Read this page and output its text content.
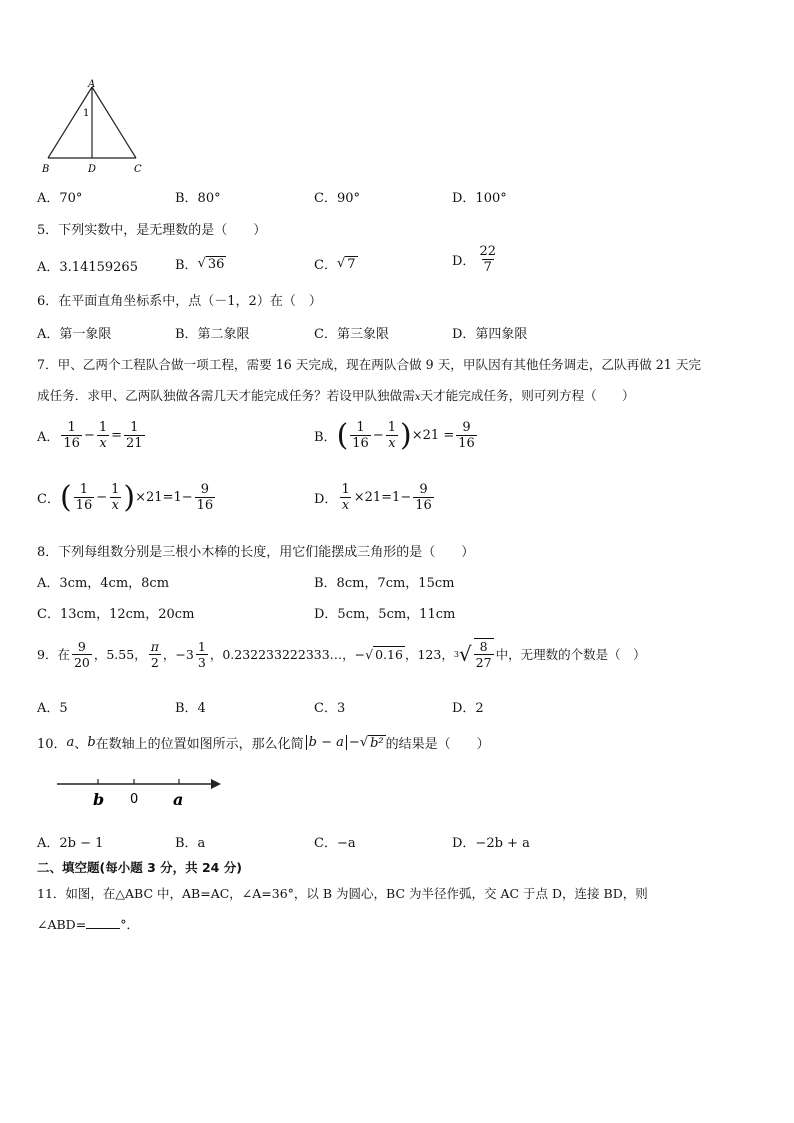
A
1
B	D	C
A．70°	B．80°	C．90°	D．100°
5．下列实数中，是无理数的是（　　）
A．3.14159265	B． √ 36	C． √ 7	D． $\frac{22}{7}$
6．在平面直角坐标系中，点（－1，2）在（　）
A．第一象限	B．第二象限	C．第三象限	D．第四象限
7．甲、乙两个工程队合做一项工程，需要 16 天完成，现在两队合做 9 天，甲队因有其他任务调走，乙队再做 21 天完
成任务．求甲、乙两队独做各需几天才能完成任务？若设甲队独做需x天才能完成任务，则可列方程（　　）
A． $\frac{1}{16} - \frac{1}{x} = \frac{1}{21}$	B． ( $\frac{1}{16} - \frac{1}{x}$ ) ×21
= $\frac{9}{16}$
C． ( $\frac{1}{16} - \frac{1}{x}$ ) $\times 21 =1- \frac{9}{16}$	D． $\frac{1}{x} \times 21 =1- \frac{9}{16}$
8．下列每组数分别是三根小木棒的长度，用它们能摆成三角形的是（　　）
A．3cm，4cm，8cm	B．8cm，7cm，15cm
C．13cm，12cm，20cm	D．5cm，5cm，11cm
9．在 $\frac{9}{20}$ ，5.55， $\frac{\pi}{2}$ ，$-3 \frac{1}{3}$ ，0.232233222333…，− √ 0.16 ，123， 3 √ $\frac{8}{27}$ 中，无理数的个数是（　）
A．5	B．4	C．3	D．2
10． a 、 b 在数轴上的位置如图所示，那么化简 b − a − √ b² 的结果是（　　）
b 0 a
A．2b − 1	B．a	C．−a	D．−2b + a
二、填空题(每小题 3 分，共 24 分)
11．如图，在△ABC 中，AB=AC，∠A=36°，以 B 为圆心，BC 为半径作弧，交 AC 于点 D，连接 BD，则
∠ABD=	°．
